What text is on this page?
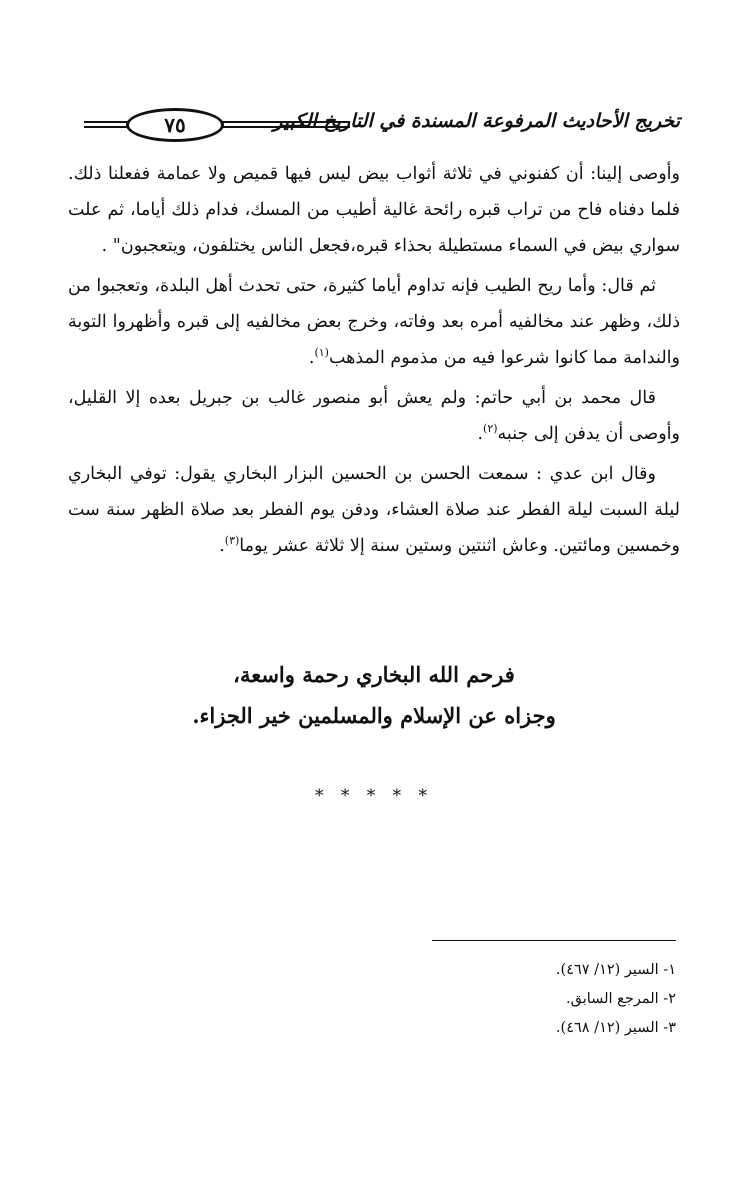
تخريج الأحاديث المرفوعة المسندة في التاريخ الكبير
٧٥

وأوصى إلينا: أن كفنوني في ثلاثة أثواب بيض ليس فيها قميص ولا عمامة ففعلنا ذلك. فلما دفناه فاح من تراب قبره رائحة غالية أطيب من المسك، فدام ذلك أياما، ثم علت سواري بيض في السماء مستطيلة بحذاء قبره،فجعل الناس يختلفون، ويتعجبون" .

ثم قال: وأما ريح الطيب فإنه تداوم أياما كثيرة، حتى تحدث أهل البلدة، وتعجبوا من ذلك، وظهر عند مخالفيه أمره بعد وفاته، وخرج بعض مخالفيه إلى قبره وأظهروا التوبة والندامة مما كانوا شرعوا فيه من مذموم المذهب$^{(١)}$.

قال محمد بن أبي حاتم: ولم يعش أبو منصور غالب بن جبريل بعده إلا القليل، وأوصى أن يدفن إلى جنبه$^{(٢)}$.

وقال ابن عدي : سمعت الحسن بن الحسين البزار البخاري يقول: توفي البخاري ليلة السبت ليلة الفطر عند صلاة العشاء، ودفن يوم الفطر بعد صلاة الظهر سنة ست وخمسين ومائتين. وعاش اثنتين وستين سنة إلا ثلاثة عشر يوما$^{(٣)}$.

فرحم الله البخاري رحمة واسعة،
وجزاه عن الإسلام والمسلمين خير الجزاء.
* * * * *
١- السير (١٢/ ٤٦٧).
٢- المرجع السابق.
٣- السير (١٢/ ٤٦٨).
